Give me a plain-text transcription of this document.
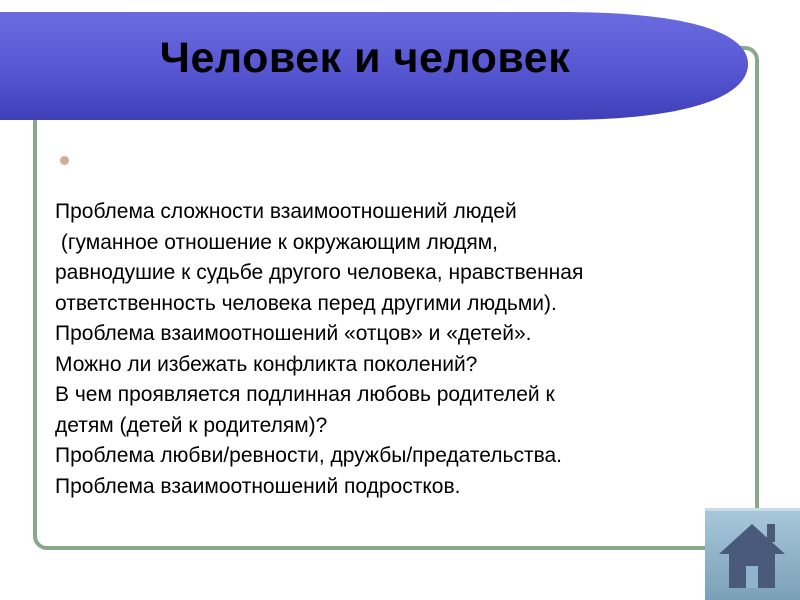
Человек и человек
Проблема сложности взаимоотношений людей
(гуманное отношение к окружающим людям,
равнодушие к судьбе другого человека, нравственная
ответственность человека перед другими людьми).
Проблема взаимоотношений «отцов» и «детей».
Можно ли избежать конфликта поколений?
В чем проявляется подлинная любовь родителей к
детям (детей к родителям)?
Проблема любви/ревности, дружбы/предательства.
Проблема взаимоотношений подростков.
